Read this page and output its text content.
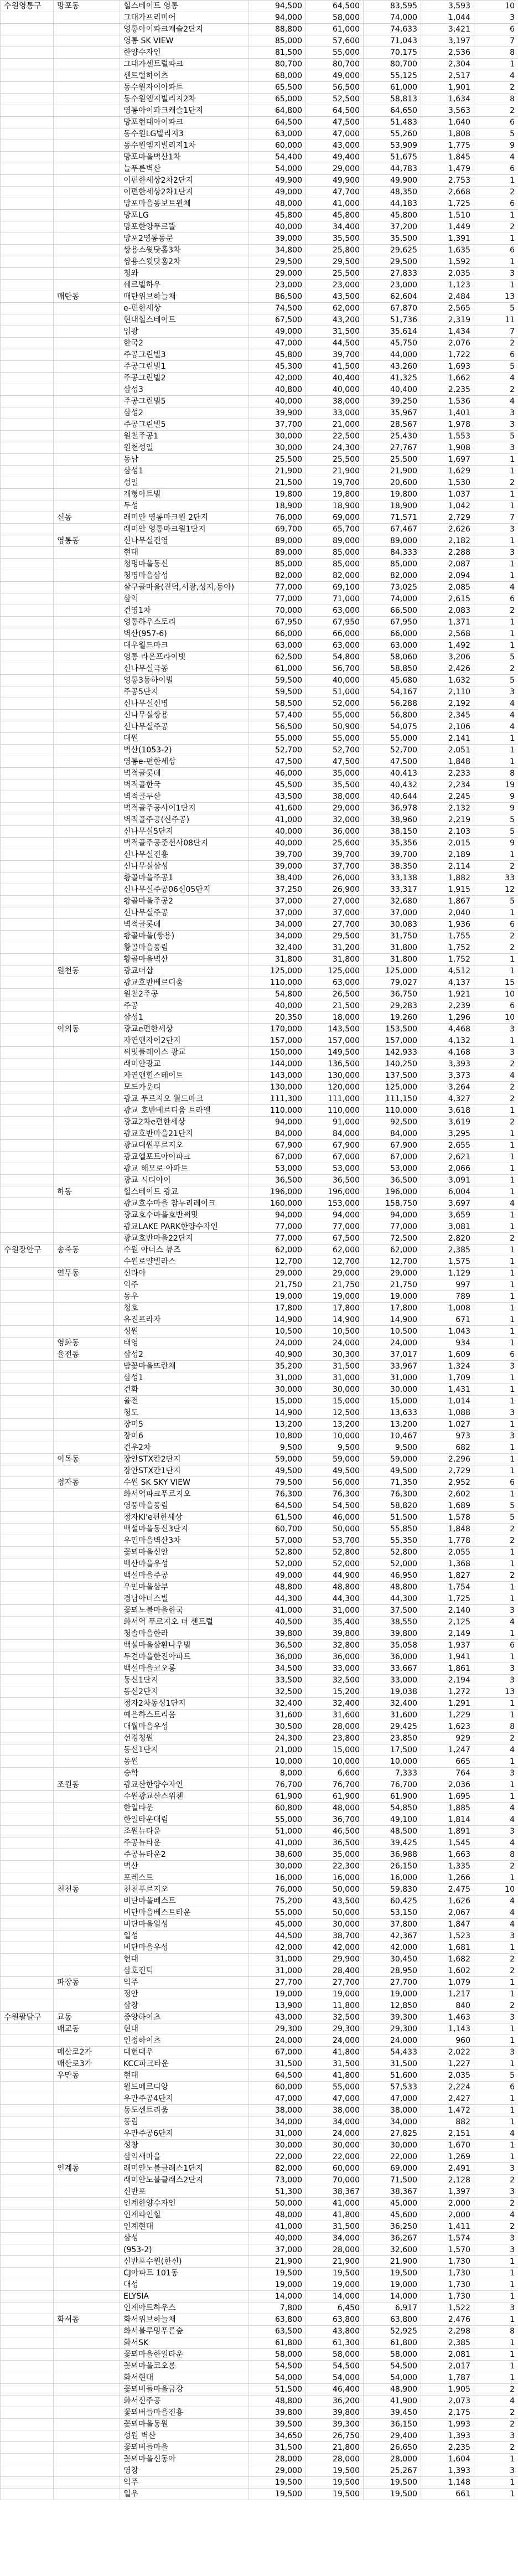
수원영통구	망포동	힐스테이트 영통	94,500	64,500	83,595	3,593	10
		그대가프리미어	94,000	58,000	74,000	1,044	3
		영통아이파크캐슬2단지	88,800	61,000	74,633	3,421	6
		영통 SK VIEW	85,000	57,600	71,043	3,197	7
		한양수자인	81,500	55,000	70,175	2,536	8
		그대가센트럴파크	80,700	80,700	80,700	2,304	1
		센트럴하이츠	68,000	49,000	55,125	2,517	4
		동수원자이아파트	65,500	56,500	61,000	1,901	2
		동수원엠지빌리지2차	65,000	52,500	58,813	1,634	8
		영통아이파크캐슬1단지	64,800	64,500	64,650	3,563	2
		망포현대아이파크	64,500	47,500	51,483	1,640	6
		동수원LG빌리지3	63,000	47,000	55,260	1,808	5
		동수원엠지빌리지1차	60,000	43,000	53,909	1,775	9
		망포마을벽산1차	54,400	49,400	51,675	1,845	4
		늘푸른벽산	54,000	29,000	44,783	1,479	6
		이편한세상2차2단지	49,900	49,900	49,900	2,753	1
		이편한세상2차1단지	49,000	47,700	48,350	2,668	2
		망포마을동보트윈체	48,000	41,000	44,183	1,725	6
		망포LG	45,800	45,800	45,800	1,510	1
		망포한양푸르뜰	40,000	34,400	37,200	1,449	2
		망포2영통동문	39,000	35,500	35,500	1,391	1
		쌍용스윗닷홈3차	34,800	25,800	29,625	1,635	6
		쌍용스윗닷홈2차	29,500	29,500	29,500	1,592	1
		청와	29,000	25,500	27,833	2,035	3
		쉐르빌하우	23,000	23,000	23,000	1,123	1
	매탄동	매탄위브하늘채	86,500	43,500	62,604	2,484	13
		e-편한세상	74,500	62,000	67,870	2,565	5
		현대힐스테이트	67,500	43,200	51,736	2,319	11
		임광	49,000	31,500	35,614	1,434	7
		한국2	47,000	44,500	45,750	2,076	2
		주공그린빌3	45,800	39,700	44,000	1,722	6
		주공그린빌1	45,300	41,500	43,260	1,693	5
		주공그린빌2	42,000	40,400	41,325	1,662	4
		삼성3	40,800	40,000	40,400	2,235	2
		주공그린빌5	40,000	38,000	39,250	1,536	4
		삼성2	39,900	33,000	35,967	1,401	3
		주공그린빌5	37,700	21,000	28,567	1,978	3
		원천주공1	30,000	22,500	25,430	1,553	5
		원천성일	30,000	24,300	27,767	1,908	3
		동남	25,500	25,500	25,500	1,697	1
		삼성1	21,900	21,900	21,900	1,629	1
		성일	21,500	19,700	20,600	1,530	2
		재형아트빌	19,800	19,800	19,800	1,037	1
		두성	18,900	18,900	18,900	1,042	1
	신동	래미안 영통마크원 2단지	76,000	69,000	71,571	2,729	7
		래미안 영통마크원1단지	69,700	65,700	67,467	2,626	3
	영통동	신나무실건영	89,000	89,000	89,000	2,182	1
		현대	89,000	85,000	84,333	2,288	3
		청명마을동신	85,000	85,000	85,000	2,087	1
		청명마을삼성	82,000	82,000	82,000	2,094	1
		살구골마을(진덕,서광,성지,동아)	77,000	69,100	73,025	2,085	4
		삼익	77,000	71,000	74,000	2,615	6
		건영1차	70,000	63,000	66,500	2,083	2
		영통하우스토리	67,950	67,950	67,950	1,371	1
		벽산(957-6)	66,000	66,000	66,000	2,568	1
		대우월드마크	63,000	63,000	63,000	1,492	1
		영통 라온프라이빗	62,500	54,800	58,060	3,206	5
		신나무실극동	61,000	56,700	58,850	2,426	2
		영통3동하이빌	59,500	40,000	45,680	1,632	5
		주공5단지	59,500	51,000	54,167	2,110	3
		신나무실신명	58,500	52,000	56,288	2,192	4
		신나무실쌍용	57,400	55,000	56,800	2,345	4
		신나무실주공	56,500	50,900	54,075	2,106	4
		대원	55,000	55,000	55,000	2,141	1
		벽산(1053-2)	52,700	52,700	52,700	2,051	1
		영통e-편한세상	47,500	47,500	47,500	1,848	1
		벽적골롯데	46,000	35,000	40,413	2,233	8
		벽적골한국	45,500	35,500	40,432	2,234	19
		벽적골두산	43,500	38,000	40,644	2,245	9
		벽적골주공사이1단지	41,600	29,000	36,978	2,132	9
		벽적골주공(신주공)	41,000	32,000	38,960	2,219	5
		신나무실5단지	40,000	36,000	38,150	2,103	5
		벽적골주공준선사08단지	40,000	25,600	35,356	2,015	9
		신나무실진흥	39,700	39,700	39,700	2,189	1
		신나무실삼성	39,000	37,700	38,350	2,114	2
		황골마을주공1	38,400	26,000	33,138	1,882	33
		신나무실주공06신05단지	37,250	26,900	33,317	1,915	12
		황골마을주공2	37,000	27,000	32,680	1,867	5
		신나무실주공	37,000	37,000	37,000	2,040	1
		벽적골롯데	34,000	27,700	30,083	1,936	6
		황골마을(쌍용)	34,000	29,500	31,750	1,755	2
		황골마을풍림	32,400	31,200	31,800	1,752	2
		황골마을벽산	31,800	31,800	31,800	1,752	1
	원천동	광교더샵	125,000	125,000	125,000	4,512	1
		광교호반베르디움	110,000	63,000	79,027	4,137	15
		원천2주공	54,800	26,500	36,750	1,921	10
		주공	40,000	21,500	29,283	2,239	6
		삼성1	20,350	18,000	19,260	1,296	10
	이의동	광교e편한세상	170,000	143,500	153,500	4,468	3
		자연앤자이2단지	157,000	157,000	157,000	4,132	1
		써밋플레이스 광교	150,000	149,500	142,933	4,168	3
		래미안광교	144,000	136,500	140,250	3,393	2
		자연앤힐스테이트	143,000	130,000	137,500	3,373	4
		모드카운티	130,000	120,000	125,000	3,264	2
		광교 푸르지오 월드마크	111,300	111,000	111,150	4,327	2
		광교 호반베르디움 트라엘	110,000	110,000	110,000	3,618	1
		광교2차e편한세상	94,000	91,000	92,500	3,619	2
		광교호반마을21단지	84,000	84,000	84,000	3,295	1
		광교대원푸르지오	67,900	67,900	67,900	2,655	1
		광교엘포트아이파크	67,000	67,000	67,000	2,621	1
		광교 해모로 아파트	53,000	53,000	53,000	2,066	1
		광교 시티아이	36,500	36,500	36,500	3,091	1
	하동	힐스테이트 광교	196,000	196,000	196,000	6,004	1
		광교호수마을 참누리레이크	160,000	153,000	158,750	3,697	4
		광교호수마을호반써밋	94,000	94,000	94,000	3,659	1
		광교LAKE PARK한양수자인	77,000	77,000	77,000	3,081	1
		광교호반마을22단지	77,000	67,500	72,500	2,820	2
수원장안구	송죽동	수원 아너스 뷰즈	62,000	62,000	62,000	2,385	1
		수원로얄빌라스	12,700	12,700	12,700	1,575	1
	연무동	신라아	29,000	29,000	29,000	1,129	1
		익주	21,750	21,750	21,750	997	1
		동우	19,000	19,000	19,000	789	1
		청호	17,800	17,800	17,800	1,008	1
		유진프라자	14,900	14,900	14,900	671	1
		성원	10,500	10,500	10,500	1,043	1
	영화동	태영	24,000	24,000	24,000	934	1
	율전동	삼성2	40,900	30,300	37,017	1,609	6
		밤꽃마을뜨란채	35,200	31,500	33,967	1,324	3
		삼성1	31,000	31,000	31,000	1,709	1
		건화	30,000	30,000	30,000	1,431	1
		율전	15,000	15,000	15,000	1,014	1
		청도	14,900	12,500	13,633	1,088	3
		장미5	13,200	13,200	13,200	1,027	1
		장미6	10,800	10,000	10,467	973	3
		건우2차	9,500	9,500	9,500	682	1
	이목동	장안STX칸2단지	59,000	59,000	59,000	2,296	1
		장안STX칸1단지	49,500	49,500	49,500	2,729	1
	정자동	수원 SK SKY VIEW	79,500	56,000	71,350	2,952	6
		화서역파크푸르지오	76,300	76,300	76,300	2,602	1
		영풍마을풍림	64,500	54,500	58,820	1,689	5
		정자Kl'e편한세상	61,500	46,000	51,500	1,578	5
		백설마을동신3단지	60,700	50,000	55,850	1,848	2
		우민마을벽산3차	57,000	53,700	55,350	1,778	2
		꽃뫼마을신안	52,800	52,800	52,800	2,055	1
		백산마을우성	52,000	52,000	52,000	1,368	1
		백설마을주공	49,000	44,900	46,950	1,827	2
		우민마을삼부	48,800	48,800	48,800	1,754	1
		경남아너스빌	44,300	44,300	44,300	1,725	1
		꽃뫼노블마을한국	41,000	31,000	37,500	2,140	3
		화서역 푸르지오 더 센트럴	40,500	35,400	38,550	2,125	4
		청솔마을한라	39,800	39,800	39,800	2,149	1
		백설마을삼환나우빌	36,500	32,800	35,058	1,937	6
		두견마을한진아파트	36,000	36,000	36,000	1,941	1
		백설마을코오롱	34,500	33,000	33,667	1,861	3
		동신1단지	33,500	32,500	33,000	2,194	3
		동신2단지	32,500	15,200	19,038	1,272	13
		정자2차동성1단지	32,400	32,400	32,400	1,291	1
		예은하스트리움	31,600	31,600	31,600	1,229	1
		대월마을우성	30,500	28,000	29,425	1,623	8
		선경청원	24,300	23,800	23,850	929	2
		동신1단지	21,000	15,000	17,500	1,247	4
		동원	10,000	10,000	10,000	665	1
		승학	8,000	6,600	7,333	764	3
	조원동	광교산한양수자인	76,700	76,700	76,700	2,036	1
		수원광교산스위첸	61,900	61,900	61,900	1,695	1
		한일타운	60,800	48,000	54,850	1,885	4
		한일타운대림	55,000	36,700	49,100	1,814	4
		조원뉴타운	51,000	46,500	48,500	1,891	3
		주공뉴타운	41,000	36,500	39,425	1,545	4
		주공뉴타운2	38,600	35,000	36,988	1,663	8
		벽산	30,000	22,300	26,150	1,335	2
		포레스트	16,000	16,000	16,000	1,266	1
	천천동	천천푸르지오	76,000	50,000	59,830	2,475	10
		비단마을베스트	75,200	43,500	60,425	1,626	4
		비단마을베스트타운	55,000	50,000	53,150	2,067	4
		비단마을일성	45,000	30,000	37,800	1,847	4
		일성	44,500	38,700	42,367	1,523	3
		비단마을우성	42,000	42,000	42,000	1,681	1
		현대	31,000	29,900	30,450	1,682	2
		삼호진덕	31,000	28,400	28,950	1,602	2
	파장동	익주	27,700	27,700	27,700	1,079	1
		정안	19,000	19,000	19,000	1,217	1
		삼창	13,900	11,800	12,850	840	2
수원팔달구	교동	중앙하이츠	43,000	32,500	39,300	1,463	3
	매교동	현대	29,300	29,300	29,300	1,143	1
		인정하이츠	24,000	24,000	24,000	960	1
	매산로2가	대현대우	67,000	41,800	54,433	2,022	3
	매산로3가	KCC파크타운	31,500	31,500	31,500	1,227	1
	우만동	현대	64,500	41,800	51,600	2,035	5
		월드메르디앙	60,000	55,000	57,533	2,224	6
		우만주공4단지	47,000	47,000	47,000	2,427	1
		동도센트리움	38,000	38,000	38,000	1,472	1
		풍림	34,000	34,000	34,000	882	1
		우만주공6단지	31,000	24,000	27,825	2,151	4
		성창	30,000	30,000	30,000	1,670	1
		삼익새마을	22,000	22,000	22,000	1,269	1
	인계동	래미안노블클래스1단지	82,000	60,000	69,000	2,491	3
		래미안노블클래스2단지	73,000	70,000	71,500	2,128	2
		신반포	51,300	38,367	38,367	1,397	3
		인계한양수자인	50,000	41,000	45,000	2,000	2
		인계파인힐	48,000	41,800	45,600	2,000	4
		인계현대	41,000	31,500	36,250	1,411	2
		삼성	40,000	34,000	36,267	1,574	3
		(953-2)	37,000	28,000	32,600	1,570	3
		신반포수원(한신)	21,900	21,900	21,900	1,730	1
		CJ아파트 101동	19,500	19,500	19,500	1,730	1
		대성	19,000	19,000	19,000	1,730	1
		ELYSIA	14,000	14,000	14,000	1,730	1
		인계아트하우스	7,800	6,450	6,917	1,522	3
	화서동	화서위브하늘채	63,800	63,800	63,800	2,476	1
		화서블루밍푸른숲	63,500	43,800	52,925	2,298	8
		화서SK	61,800	61,300	61,800	2,385	1
		꽃뫼마을한일타운	58,000	58,000	58,000	2,081	1
		꽃뫼마을코오롱	54,500	54,500	54,500	2,017	1
		화서현대	54,000	54,000	54,000	1,787	1
		꽃뫼버들마을금강	51,500	46,400	48,900	1,905	2
		화서신주공	48,800	36,200	41,900	2,073	4
		꽃뫼버들마을진흥	39,800	39,800	39,450	2,175	2
		꽃뫼마을동원	39,500	39,300	36,150	1,993	2
		성원 벽산	34,650	26,750	29,400	1,393	3
		꽃뫼버들마을	31,500	21,800	26,650	2,235	2
		꽃뫼마을신동아	28,000	28,000	28,000	1,604	1
		영창	29,000	19,500	25,267	1,393	3
		익주	19,500	19,500	19,500	1,148	1
		일우	19,500	19,500	19,500	661	1
